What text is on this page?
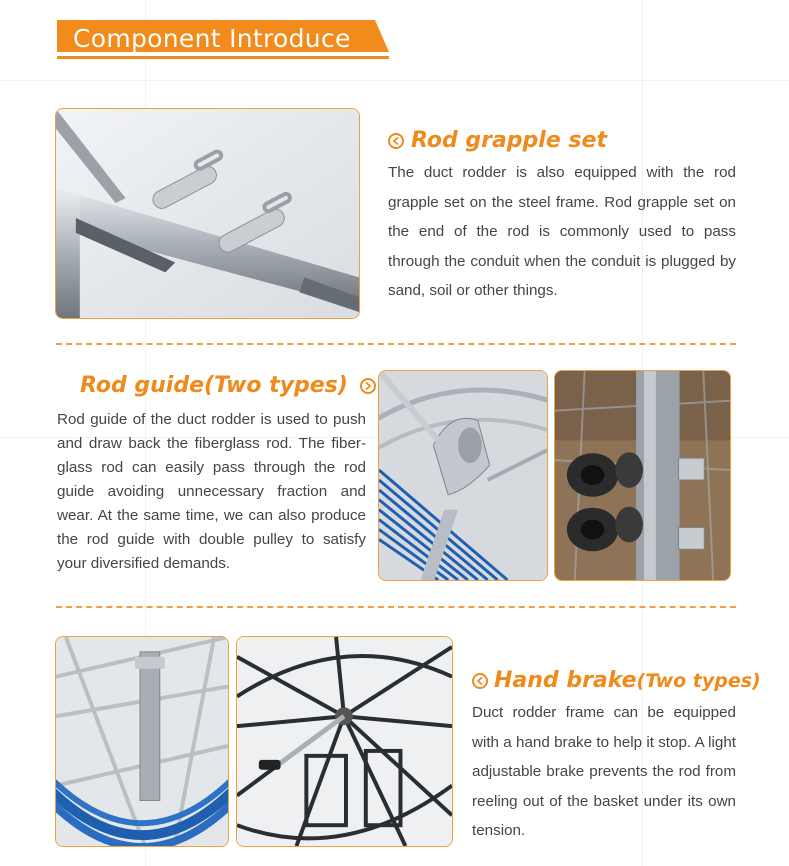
Component Introduce
Rod grapple set
The duct rodder is also equipped with the rod grapple set on the steel frame. Rod grapple set on the end of the rod is commonly used to pass through the conduit when the conduit is plugged by sand, soil or other things.
Rod guide(Two types)
Rod guide of the duct rodder is used to push and draw back the fiberglass rod. The fiber-glass rod can easily pass through the rod guide avoiding unnecessary fraction and wear. At the same time, we can also produce the rod guide with double pulley to satisfy your diversified demands.
Hand brake (Two types)
Duct rodder frame can be equipped with a hand brake to help it stop. A light adjustable brake prevents the rod from reeling out of the basket under its own tension.
